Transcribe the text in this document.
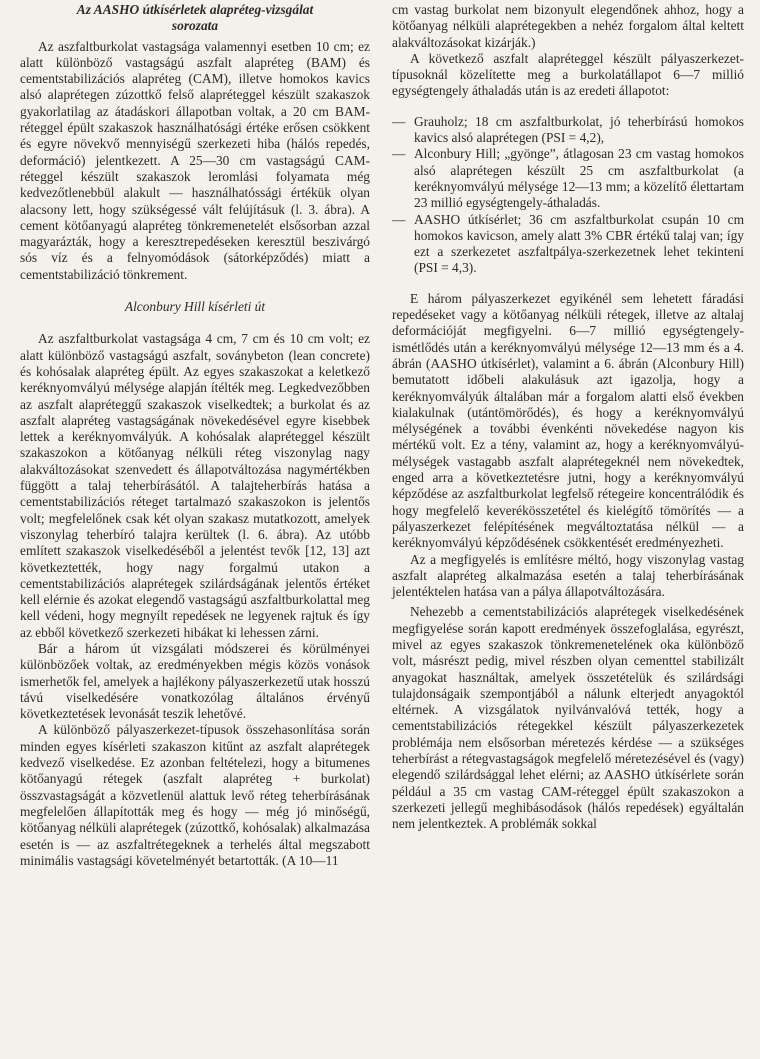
Az AASHO útkísérletek alapréteg-vizsgálat
sorozata

Az aszfaltburkolat vastagsága valamennyi esetben 10 cm; ez alatt különböző vastagságú aszfalt alapréteg (BAM) és cementstabilizációs alapréteg (CAM), illetve homokos kavics alsó alaprétegen zúzottkő felső alapréteggel készült szakaszok gyakorlatilag az átadáskori állapotban voltak, a 20 cm BAM-réteggel épült szakaszok használhatósági értéke erősen csökkent és egyre növekvő mennyiségű szerkezeti hiba (hálós repedés, deformáció) jelentkezett. A 25—30 cm vastagságú CAM-réteggel készült szakaszok leromlási folyamata még kedvezőtlenebbül alakult — használhatóssági értékük olyan alacsony lett, hogy szükségessé vált felújításuk (l. 3. ábra). A cement kötőanyagú alapréteg tönkremenetelét elsősorban azzal magyarázták, hogy a keresztrepedéseken keresztül beszivárgó sós víz és a felnyomódások (sátorképződés) miatt a cementstabilizáció tönkrement.

Alconbury Hill kísérleti út

Az aszfaltburkolat vastagsága 4 cm, 7 cm és 10 cm volt; ez alatt különböző vastagságú aszfalt, soványbeton (lean concrete) és kohósalak alapréteg épült. Az egyes szakaszokat a keletkező keréknyomvályú mélysége alapján ítélték meg. Legkedvezőbben az aszfalt alapréteggű szakaszok viselkedtek; a burkolat és az aszfalt alapréteg vastagságának növekedésével egyre kisebbek lettek a keréknyomvályúk. A kohósalak alapréteggel készült szakaszokon a kötőanyag nélküli réteg viszonylag nagy alakváltozásokat szenvedett és állapotváltozása nagymértékben függött a talaj teherbírásától. A talajteherbírás hatása a cementstabilizációs réteget tartalmazó szakaszokon is jelentős volt; megfelelőnek csak két olyan szakasz mutatkozott, amelyek viszonylag teherbíró talajra kerültek (l. 6. ábra). Az utóbb említett szakaszok viselkedéséből a jelentést tevők [12, 13] azt következtették, hogy nagy forgalmú utakon a cementstabilizációs alaprétegek szilárdságának jelentős értéket kell elérnie és azokat elegendő vastagságú aszfaltburkolattal meg kell védeni, hogy megnyílt repedések ne legyenek rajtuk és így az ebből következő szerkezeti hibákat ki lehessen zárni.

Bár a három út vizsgálati módszerei és körülményei különbözőek voltak, az eredményekben mégis közös vonások ismerhetők fel, amelyek a hajlékony pályaszerkezetű utak hosszú távú viselkedésére vonatkozólag általános érvényű következtetések levonását teszik lehetővé.

A különböző pályaszerkezet-típusok összehasonlítása során minden egyes kísérleti szakaszon kitűnt az aszfalt alaprétegek kedvező viselkedése. Ez azonban feltételezi, hogy a bitumenes kötőanyagú rétegek (aszfalt alapréteg + burkolat) összvastagságát a közvetlenül alattuk levő réteg teherbírásának megfelelően állapították meg és hogy — még jó minőségű, kötőanyag nélküli alaprétegek (zúzottkő, kohósalak) alkalmazása esetén is — az aszfaltrétegeknek a terhelés által megszabott minimális vastagsági követelményét betartották. (A 10—11

cm vastag burkolat nem bizonyult elegendőnek ahhoz, hogy a kötőanyag nélküli alaprétegekben a nehéz forgalom által keltett alakváltozásokat kizárják.)

A következő aszfalt alapréteggel készült pályaszerkezet-típusoknál közelítette meg a burkolatállapot 6—7 millió egységtengely áthaladás után is az eredeti állapotot:

— Grauholz; 18 cm aszfaltburkolat, jó teherbírású homokos kavics alsó alaprétegen (PSI = 4,2),
— Alconbury Hill; „gyönge”, átlagosan 23 cm vastag homokos alsó alaprétegen készült 25 cm aszfaltburkolat (a keréknyomvályú mélysége 12—13 mm; a közelítő élettartam 23 millió egységtengely-áthaladás.
— AASHO útkísérlet; 36 cm aszfaltburkolat csupán 10 cm homokos kavicson, amely alatt 3% CBR értékű talaj van; így ezt a szerkezetet aszfaltpálya-szerkezetnek lehet tekinteni (PSI = 4,3).

E három pályaszerkezet egyikénél sem lehetett fáradási repedéseket vagy a kötőanyag nélküli rétegek, illetve az altalaj deformációját megfigyelni. 6—7 millió egységtengely-ismétlődés után a keréknyomvályú mélysége 12—13 mm és a 4. ábrán (AASHO útkísérlet), valamint a 6. ábrán (Alconbury Hill) bemutatott időbeli alakulásuk azt igazolja, hogy a keréknyomvályúk általában már a forgalom alatti első években kialakulnak (utántömörődés), és hogy a keréknyomvályú mélységének a további évenkénti növekedése nagyon kis mértékű volt. Ez a tény, valamint az, hogy a keréknyomvályú-mélységek vastagabb aszfalt alaprétegeknél nem növekedtek, enged arra a következtetésre jutni, hogy a keréknyomvályú képződése az aszfaltburkolat legfelső rétegeire koncentrálódik és hogy megfelelő keverékösszetétel és kielégítő tömörítés — a pályaszerkezet felépítésének megváltoztatása nélkül — a keréknyomvályú képződésének csökkentését eredményezheti.

Az a megfigyelés is említésre méltó, hogy viszonylag vastag aszfalt alapréteg alkalmazása esetén a talaj teherbírásának jelentéktelen hatása van a pálya állapotváltozására.

Nehezebb a cementstabilizációs alaprétegek viselkedésének megfigyelése során kapott eredmények összefoglalása, egyrészt, mivel az egyes szakaszok tönkremenetelének oka különböző volt, másrészt pedig, mivel részben olyan cementtel stabilizált anyagokat használtak, amelyek összetételük és szilárdsági tulajdonságaik szempontjából a nálunk elterjedt anyagoktól eltérnek. A vizsgálatok nyilvánvalóvá tették, hogy a cementstabilizációs rétegekkel készült pályaszerkezetek problémája nem elsősorban méretezés kérdése — a szükséges teherbírást a rétegvastagságok megfelelő méretezésével és (vagy) elegendő szilárdsággal lehet elérni; az AASHO útkísérlete során például a 35 cm vastag CAM-réteggel épült szakaszokon a szerkezeti jellegű meghibásodások (hálós repedések) egyáltalán nem jelentkeztek. A problémák sokkal
